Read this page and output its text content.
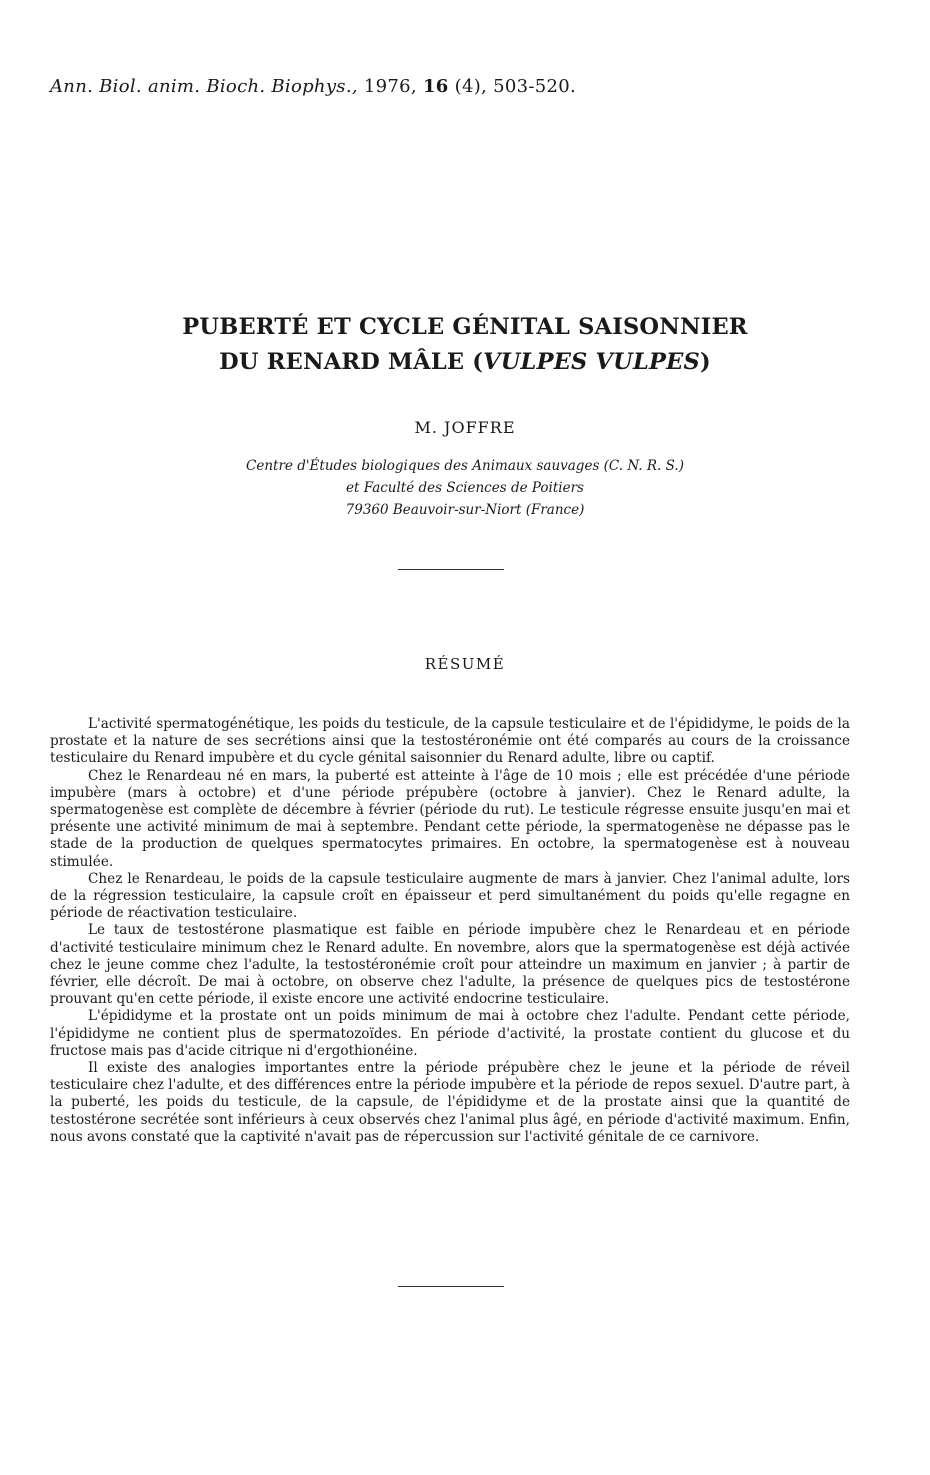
Ann. Biol. anim. Bioch. Biophys., 1976, 16 (4), 503-520.
PUBERTÉ ET CYCLE GÉNITAL SAISONNIER
DU RENARD MÂLE (VULPES VULPES)
M. JOFFRE
Centre d'Études biologiques des Animaux sauvages (C. N. R. S.)
et Faculté des Sciences de Poitiers
79360 Beauvoir-sur-Niort (France)
RÉSUMÉ

L'activité spermatogénétique, les poids du testicule, de la capsule testiculaire et de l'épididyme, le poids de la prostate et la nature de ses secrétions ainsi que la testostéronémie ont été comparés au cours de la croissance testiculaire du Renard impubère et du cycle génital saisonnier du Renard adulte, libre ou captif.

Chez le Renardeau né en mars, la puberté est atteinte à l'âge de 10 mois ; elle est précédée d'une période impubère (mars à octobre) et d'une période prépubère (octobre à janvier). Chez le Renard adulte, la spermatogenèse est complète de décembre à février (période du rut). Le testicule régresse ensuite jusqu'en mai et présente une activité minimum de mai à septembre. Pendant cette période, la spermatogenèse ne dépasse pas le stade de la production de quelques spermatocytes primaires. En octobre, la spermatogenèse est à nouveau stimulée.

Chez le Renardeau, le poids de la capsule testiculaire augmente de mars à janvier. Chez l'animal adulte, lors de la régression testiculaire, la capsule croît en épaisseur et perd simultanément du poids qu'elle regagne en période de réactivation testiculaire.

Le taux de testostérone plasmatique est faible en période impubère chez le Renardeau et en période d'activité testiculaire minimum chez le Renard adulte. En novembre, alors que la spermatogenèse est déjà activée chez le jeune comme chez l'adulte, la testostéronémie croît pour atteindre un maximum en janvier ; à partir de février, elle décroît. De mai à octobre, on observe chez l'adulte, la présence de quelques pics de testostérone prouvant qu'en cette période, il existe encore une activité endocrine testiculaire.

L'épididyme et la prostate ont un poids minimum de mai à octobre chez l'adulte. Pendant cette période, l'épididyme ne contient plus de spermatozoïdes. En période d'activité, la prostate contient du glucose et du fructose mais pas d'acide citrique ni d'ergothionéine.

Il existe des analogies importantes entre la période prépubère chez le jeune et la période de réveil testiculaire chez l'adulte, et des différences entre la période impubère et la période de repos sexuel. D'autre part, à la puberté, les poids du testicule, de la capsule, de l'épididyme et de la prostate ainsi que la quantité de testostérone secrétée sont inférieurs à ceux observés chez l'animal plus âgé, en période d'activité maximum. Enfin, nous avons constaté que la captivité n'avait pas de répercussion sur l'activité génitale de ce carnivore.
